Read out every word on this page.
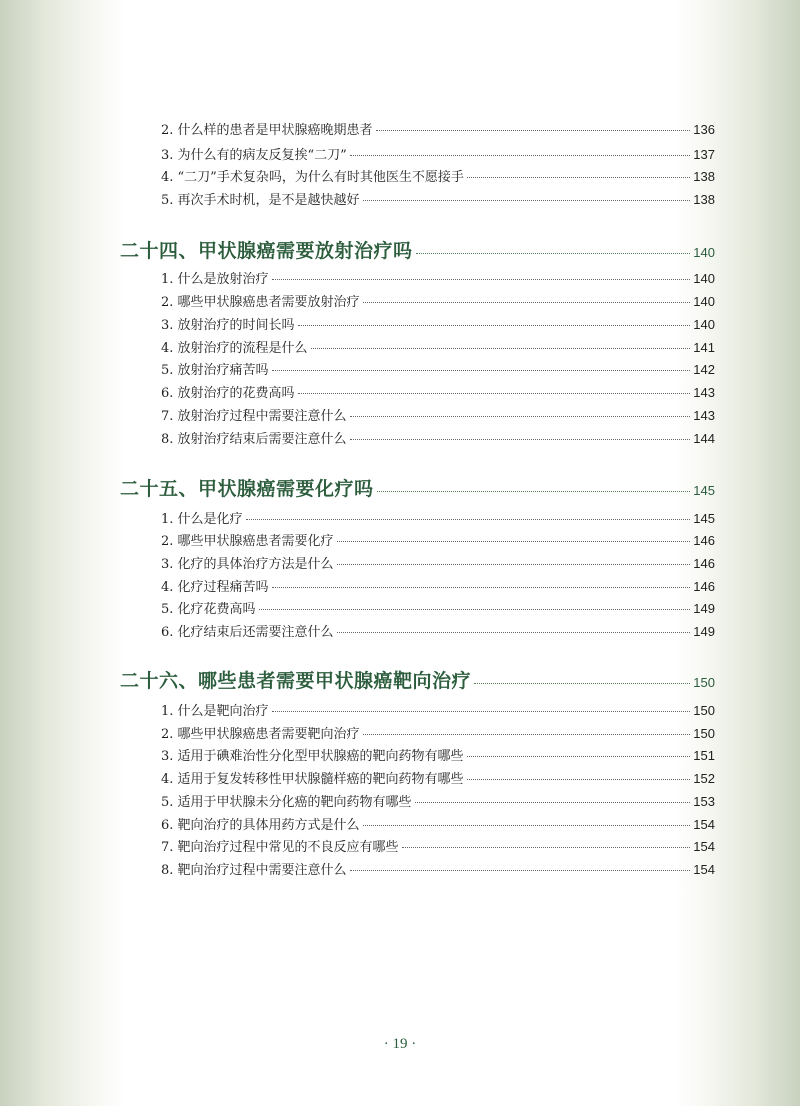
2. 什么样的患者是甲状腺癌晚期患者	136
3. 为什么有的病友反复挨“二刀”	137
4. “二刀”手术复杂吗，为什么有时其他医生不愿接手	138
5. 再次手术时机，是不是越快越好	138
二十四、甲状腺癌需要放射治疗吗	140
1. 什么是放射治疗	140
2. 哪些甲状腺癌患者需要放射治疗	140
3. 放射治疗的时间长吗	140
4. 放射治疗的流程是什么	141
5. 放射治疗痛苦吗	142
6. 放射治疗的花费高吗	143
7. 放射治疗过程中需要注意什么	143
8. 放射治疗结束后需要注意什么	144
二十五、甲状腺癌需要化疗吗	145
1. 什么是化疗	145
2. 哪些甲状腺癌患者需要化疗	146
3. 化疗的具体治疗方法是什么	146
4. 化疗过程痛苦吗	146
5. 化疗花费高吗	149
6. 化疗结束后还需要注意什么	149
二十六、哪些患者需要甲状腺癌靶向治疗	150
1. 什么是靶向治疗	150
2. 哪些甲状腺癌患者需要靶向治疗	150
3. 适用于碘难治性分化型甲状腺癌的靶向药物有哪些	151
4. 适用于复发转移性甲状腺髓样癌的靶向药物有哪些	152
5. 适用于甲状腺未分化癌的靶向药物有哪些	153
6. 靶向治疗的具体用药方式是什么	154
7. 靶向治疗过程中常见的不良反应有哪些	154
8. 靶向治疗过程中需要注意什么	154
· 19 ·
